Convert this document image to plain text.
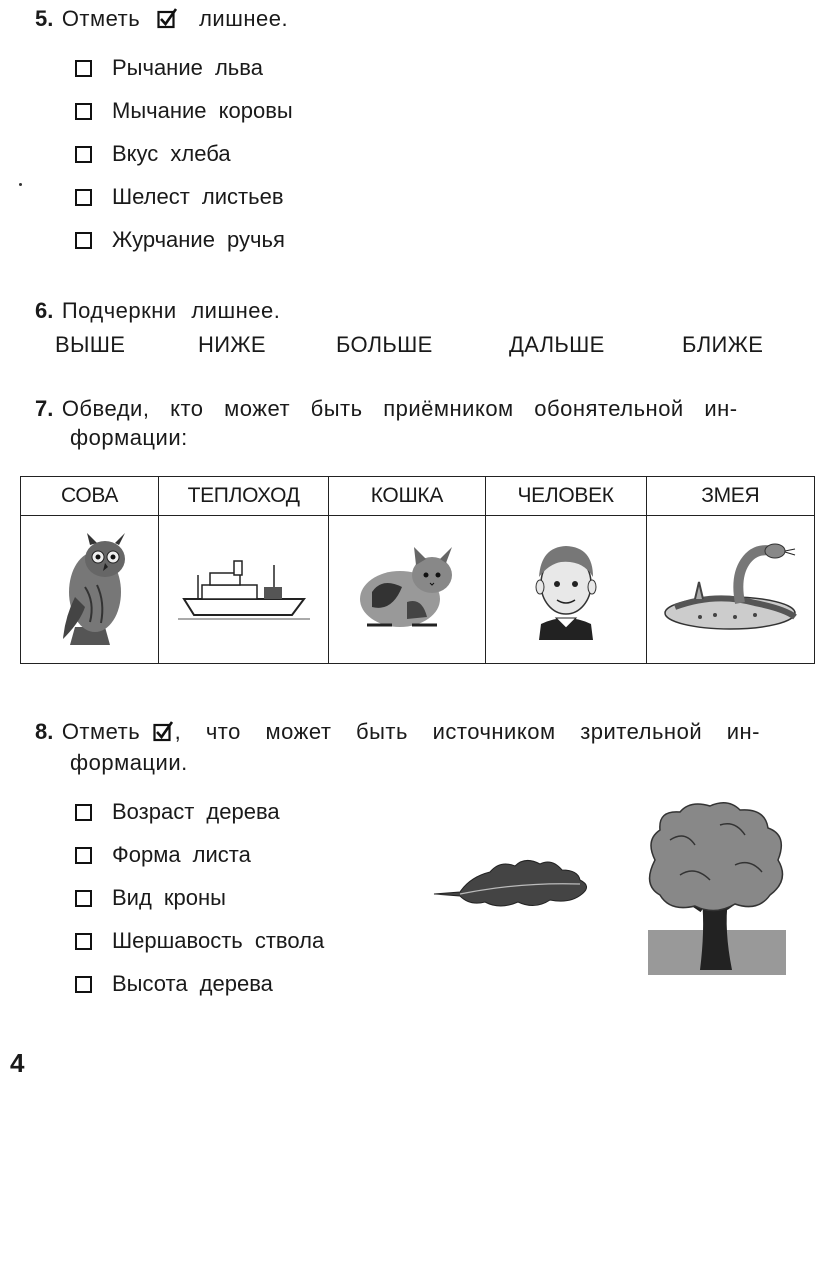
5. Отметь	лишнее.
Рычание льва
Мычание коровы
Вкус хлеба
Шелест листьев
Журчание ручья
6. Подчеркни лишнее.
ВЫШЕ	НИЖЕ	БОЛЬШЕ	ДАЛЬШЕ	БЛИЖЕ
7. Обведи, кто может быть приёмником обонятельной ин-
формации:
СОВА	ТЕПЛОХОД	КОШКА	ЧЕЛОВЕК	ЗМЕЯ

8. Отметь , что может быть источником зрительной ин-
формации.
Возраст дерева
Форма листа
Вид кроны
Шершавость ствола
Высота дерева
4
